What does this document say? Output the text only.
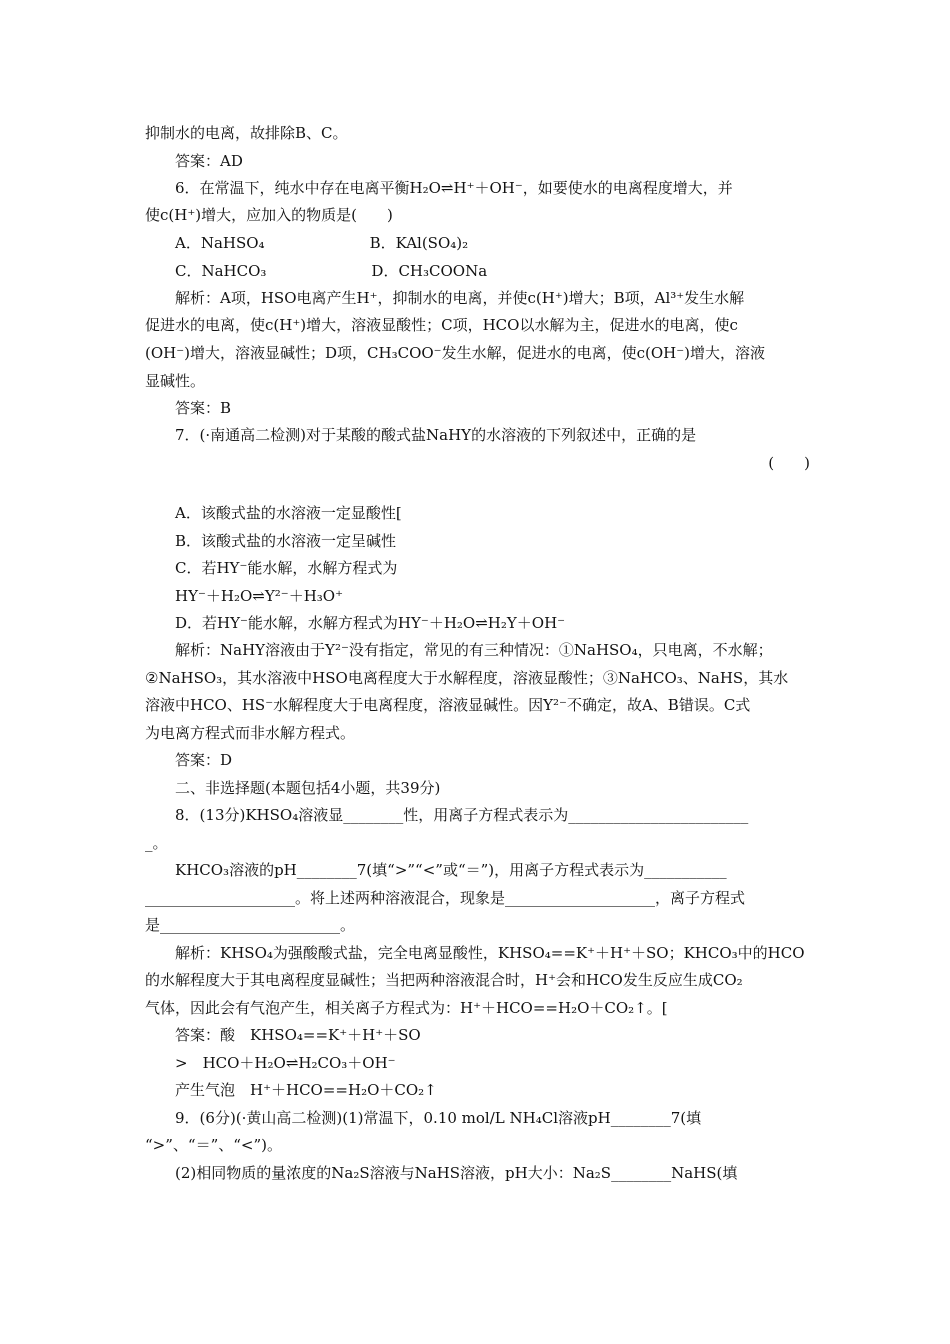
抑制水的电离，故排除B、C。
答案：AD
6．在常温下，纯水中存在电离平衡H₂O⇌H⁺＋OH⁻，如要使水的电离程度增大，并
使c(H⁺)增大，应加入的物质是(　　)
A．NaHSO₄　　　　　　　B．KAl(SO₄)₂
C．NaHCO₃　　　　　　　D．CH₃COONa
解析：A项，HSO电离产生H⁺，抑制水的电离，并使c(H⁺)增大；B项，Al³⁺发生水解
促进水的电离，使c(H⁺)增大，溶液显酸性；C项，HCO以水解为主，促进水的电离，使c
(OH⁻)增大，溶液显碱性；D项，CH₃COO⁻发生水解，促进水的电离，使c(OH⁻)增大，溶液
显碱性。
答案：B
7．(·南通高二检测)对于某酸的酸式盐NaHY的水溶液的下列叙述中，正确的是
(　　)
A．该酸式盐的水溶液一定显酸性[
B．该酸式盐的水溶液一定呈碱性
C．若HY⁻能水解，水解方程式为
HY⁻＋H₂O⇌Y²⁻＋H₃O⁺
D．若HY⁻能水解，水解方程式为HY⁻＋H₂O⇌H₂Y＋OH⁻
解析：NaHY溶液由于Y²⁻没有指定，常见的有三种情况：①NaHSO₄，只电离，不水解；
②NaHSO₃，其水溶液中HSO电离程度大于水解程度，溶液显酸性；③NaHCO₃、NaHS，其水
溶液中HCO、HS⁻水解程度大于电离程度，溶液显碱性。因Y²⁻不确定，故A、B错误。C式
为电离方程式而非水解方程式。
答案：D
二、非选择题(本题包括4小题，共39分)
8．(13分)KHSO₄溶液显________性，用离子方程式表示为________________________
_。
KHCO₃溶液的pH________7(填“>”“<”或“＝”)，用离子方程式表示为___________
____________________。将上述两种溶液混合，现象是____________________，离子方程式
是________________________。
解析：KHSO₄为强酸酸式盐，完全电离显酸性，KHSO₄==K⁺＋H⁺＋SO；KHCO₃中的HCO
的水解程度大于其电离程度显碱性；当把两种溶液混合时，H⁺会和HCO发生反应生成CO₂
气体，因此会有气泡产生，相关离子方程式为：H⁺＋HCO==H₂O＋CO₂↑。[
答案：酸　KHSO₄==K⁺＋H⁺＋SO
>　HCO＋H₂O⇌H₂CO₃＋OH⁻
产生气泡　H⁺＋HCO==H₂O＋CO₂↑
9．(6分)(·黄山高二检测)(1)常温下，0.10 mol/L NH₄Cl溶液pH________7(填
“>”、“＝”、“<”)。
(2)相同物质的量浓度的Na₂S溶液与NaHS溶液，pH大小：Na₂S________NaHS(填
